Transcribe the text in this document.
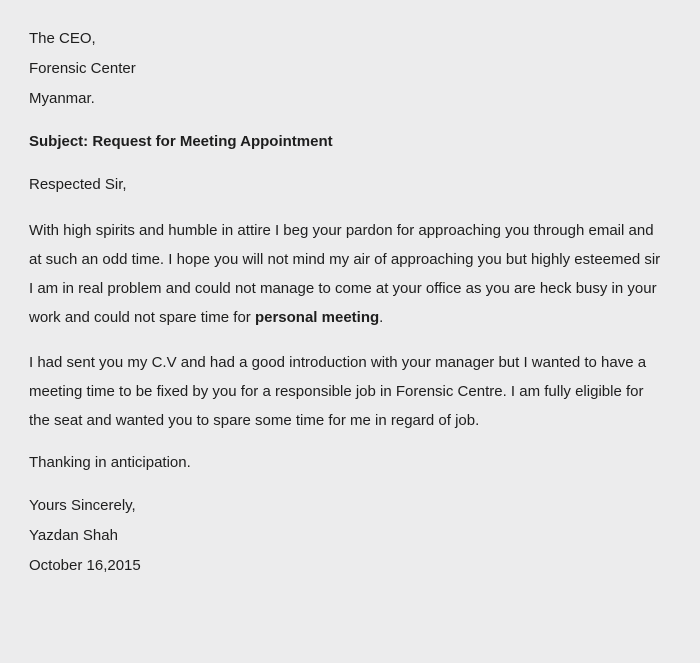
The CEO,

Forensic Center

Myanmar.

Subject: Request for Meeting Appointment

Respected Sir,

With high spirits and humble in attire I beg your pardon for approaching you through email and
at such an odd time. I hope you will not mind my air of approaching you but highly esteemed sir
I am in real problem and could not manage to come at your office as you are heck busy in your
work and could not spare time for personal meeting.

I had sent you my C.V and had a good introduction with your manager but I wanted to have a
meeting time to be fixed by you for a responsible job in Forensic Centre. I am fully eligible for
the seat and wanted you to spare some time for me in regard of job.

Thanking in anticipation.

Yours Sincerely,

Yazdan Shah

October 16,2015
